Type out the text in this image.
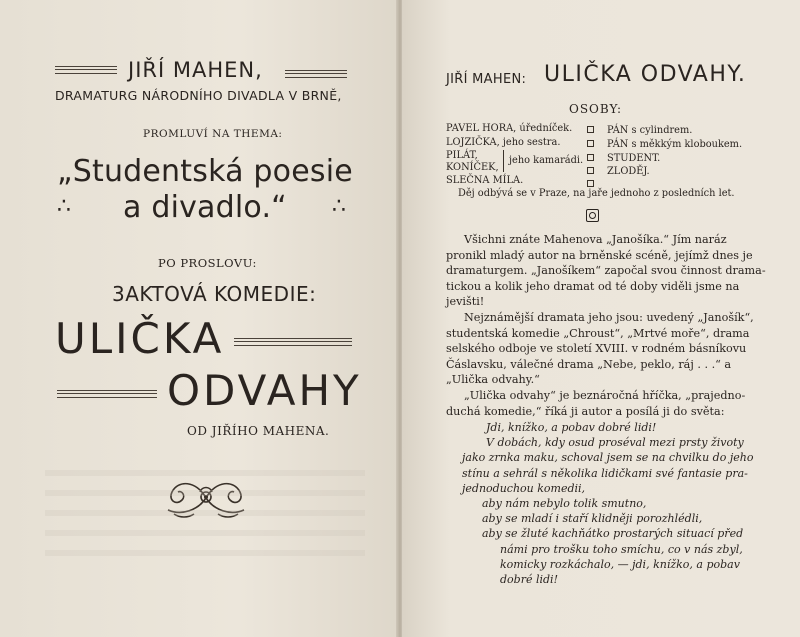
JIŘÍ MAHEN,
DRAMATURG NÁRODNÍHO DIVADLA V BRNĚ,
PROMLUVÍ NA THEMA:
„Studentská poesie
∴ a divadlo.“ ∴
PO PROSLOVU:
3AKTOVÁ KOMEDIE:
ULIČKA
ODVAHY
OD JIŘÍHO MAHENA.
JIŘÍ MAHEN: ULIČKA ODVAHY.
OSOBY:
PAVEL HORA, úředníček.
LOJZIČKA, jeho sestra.
PILÁT,
KONÍČEK,
jeho kamarádi.
SLEČNA MÍLA.
PÁN s cylindrem.
PÁN s měkkým kloboukem.
STUDENT.
ZLODĚJ.
Děj odbývá se v Praze, na jaře jednoho z posledních let.

Všichni znáte Mahenova „Janošíka.“ Jím naráz

pronikl mladý autor na brněnské scéně, jejímž dnes je

dramaturgem. „Janošíkem“ započal svou činnost drama-

tickou a kolik jeho dramat od té doby viděli jsme na

jevišti!

Nejznámější dramata jeho jsou: uvedený „Janošík“,

studentská komedie „Chroust“, „Mrtvé moře“, drama

selského odboje ve století XVIII. v rodném básníkovu

Čáslavsku, válečné drama „Nebe, peklo, ráj . . .“ a

„Ulička odvahy.“

„Ulička odvahy“ je beznáročná hříčka, „prajedno-

duchá komedie,“ říká ji autor a posílá ji do světa:

Jdi, knížko, a pobav dobré lidi!

V dobách, kdy osud proséval mezi prsty životy

jako zrnka maku, schoval jsem se na chvilku do jeho

stínu a sehrál s několika lidičkami své fantasie pra-

jednoduchou komedii,

aby nám nebylo tolik smutno,

aby se mladí i staří klidněji porozhlédli,

aby se žluté kachňátko prostarých situací před

námi pro trošku toho smíchu, co v nás zbyl,

komicky rozkáchalo, — jdi, knížko, a pobav

dobré lidi!
